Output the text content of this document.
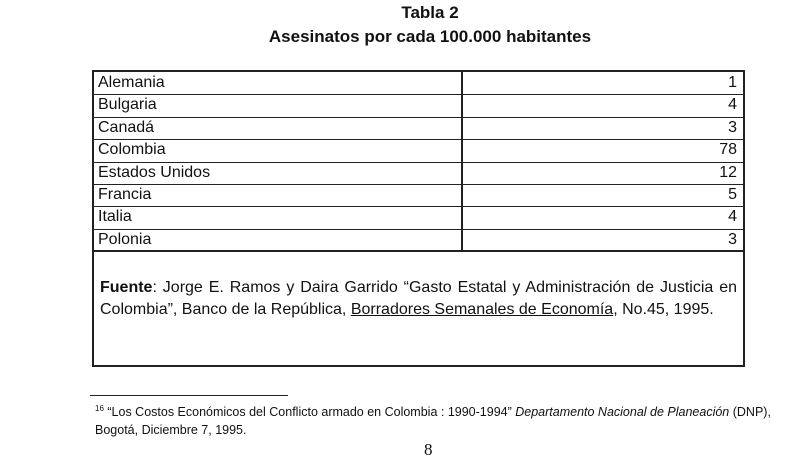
Tabla 2
Asesinatos por cada 100.000 habitantes
Fuente: Jorge E. Ramos y Daira Garrido “Gasto Estatal y Administración de Justicia en Colombia”, Banco de la República, Borradores Semanales de Economía, No.45, 1995.
Alemania	1
Bulgaria	4
Canadá	3
Colombia	78
Estados Unidos	12
Francia	5
Italia	4
Polonia	3
$^{16}$ “Los Costos Económicos del Conflicto armado en Colombia : 1990-1994” Departamento Nacional de Planeación (DNP), Bogotá, Diciembre 7, 1995.
8
